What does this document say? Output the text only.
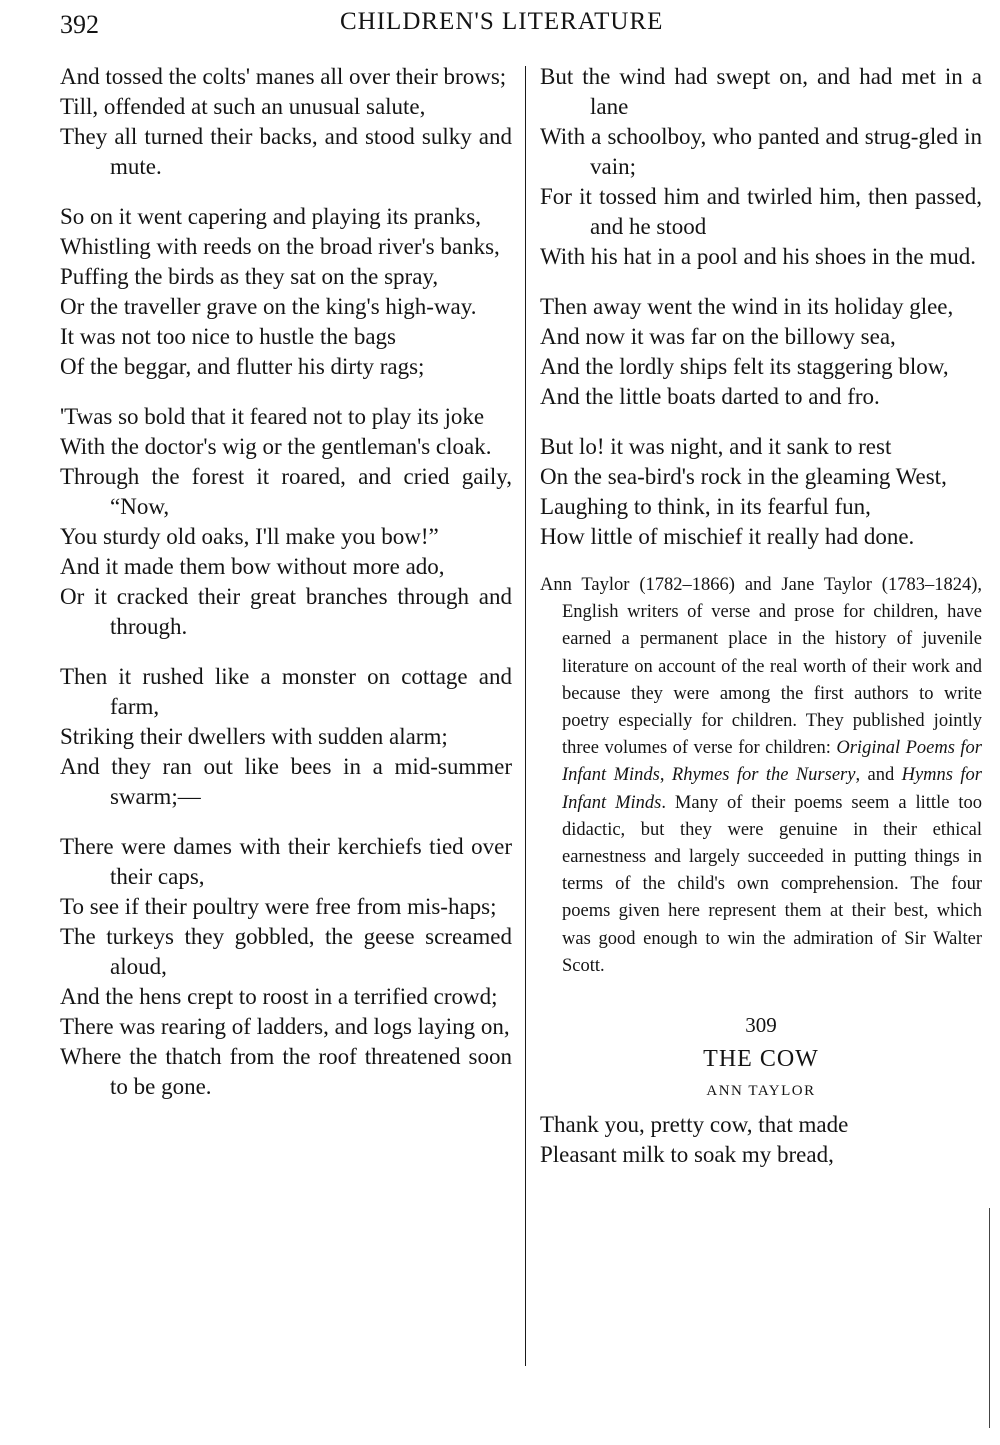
392	CHILDREN'S LITERATURE
And tossed the colts' manes all over their brows;
Till, offended at such an unusual salute,
They all turned their backs, and stood sulky and mute.
So on it went capering and playing its pranks,
Whistling with reeds on the broad river's banks,
Puffing the birds as they sat on the spray,
Or the traveller grave on the king's high-way.
It was not too nice to hustle the bags
Of the beggar, and flutter his dirty rags;
'Twas so bold that it feared not to play its joke
With the doctor's wig or the gentleman's cloak.
Through the forest it roared, and cried gaily, “Now,
You sturdy old oaks, I'll make you bow!”
And it made them bow without more ado,
Or it cracked their great branches through and through.
Then it rushed like a monster on cottage and farm,
Striking their dwellers with sudden alarm;
And they ran out like bees in a mid-summer swarm;—
There were dames with their kerchiefs tied over their caps,
To see if their poultry were free from mis-haps;
The turkeys they gobbled, the geese screamed aloud,
And the hens crept to roost in a terrified crowd;
There was rearing of ladders, and logs laying on,
Where the thatch from the roof threatened soon to be gone.
But the wind had swept on, and had met in a lane
With a schoolboy, who panted and strug-gled in vain;
For it tossed him and twirled him, then passed, and he stood
With his hat in a pool and his shoes in the mud.
Then away went the wind in its holiday glee,
And now it was far on the billowy sea,
And the lordly ships felt its staggering blow,
And the little boats darted to and fro.
But lo! it was night, and it sank to rest
On the sea-bird's rock in the gleaming West,
Laughing to think, in its fearful fun,
How little of mischief it really had done.
Ann Taylor (1782–1866) and Jane Taylor (1783–1824), English writers of verse and prose for children, have earned a permanent place in the history of juvenile literature on account of the real worth of their work and because they were among the first authors to write poetry especially for children. They published jointly three volumes of verse for children: Original Poems for Infant Minds, Rhymes for the Nursery, and Hymns for Infant Minds. Many of their poems seem a little too didactic, but they were genuine in their ethical earnestness and largely succeeded in putting things in terms of the child's own comprehension. The four poems given here represent them at their best, which was good enough to win the admiration of Sir Walter Scott.
309
THE COW
ANN TAYLOR
Thank you, pretty cow, that made
Pleasant milk to soak my bread,
